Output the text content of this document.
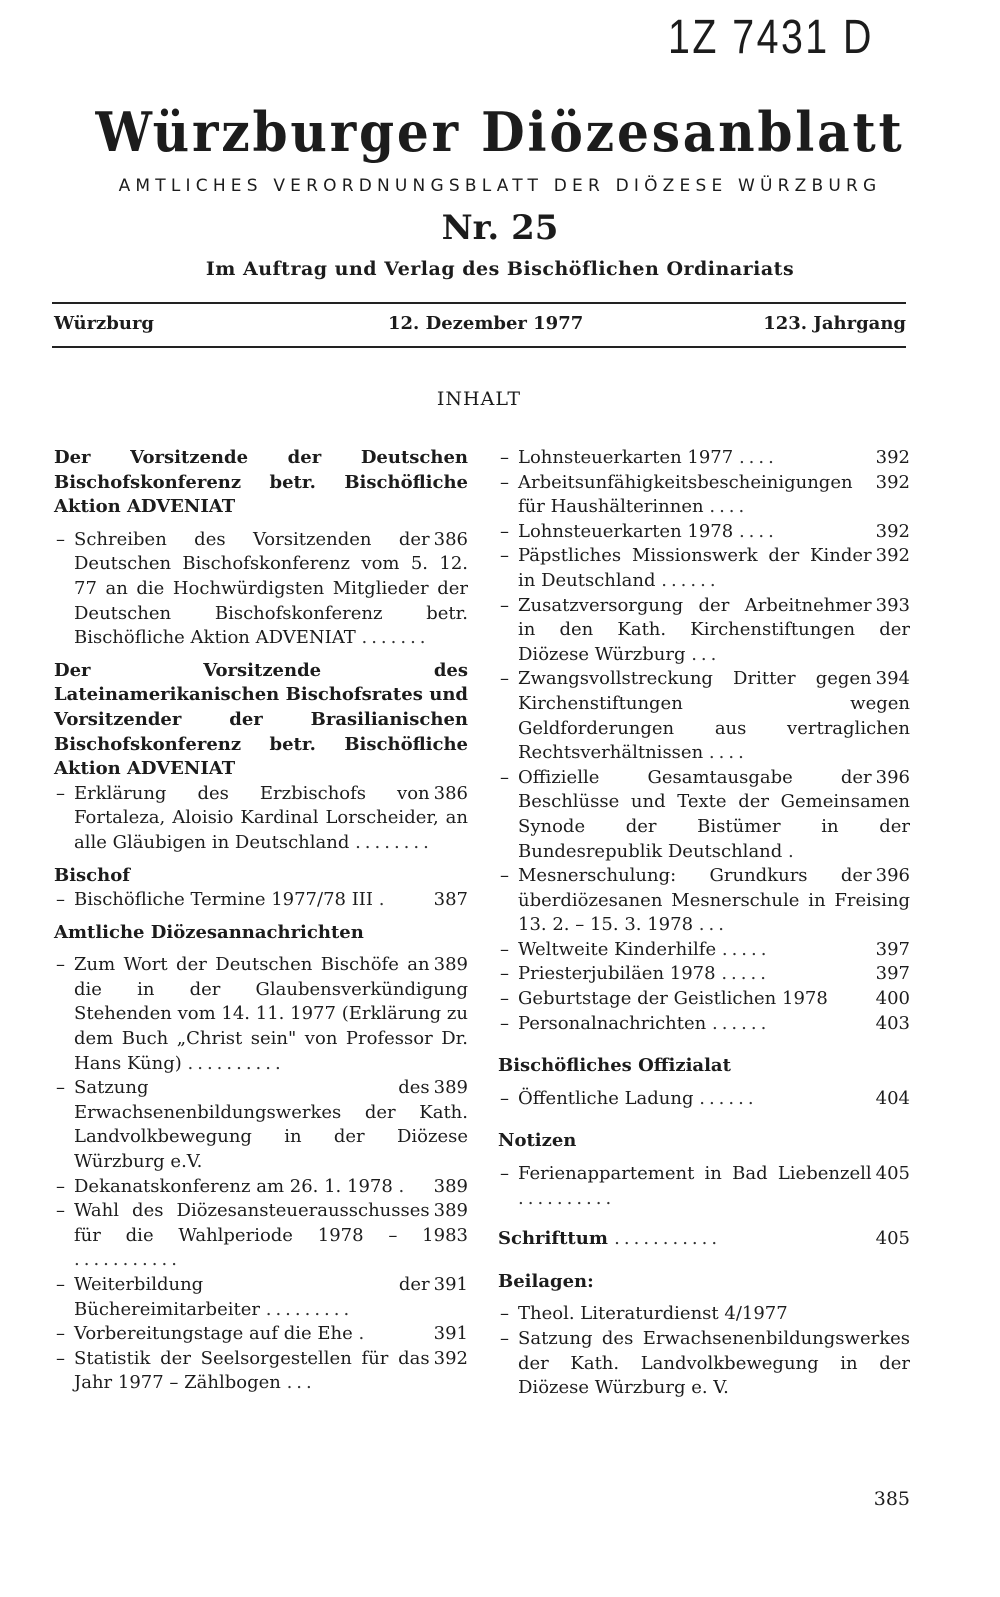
1Z 7431 D
Würzburger Diözesanblatt
AMTLICHES VERORDNUNGSBLATT DER DIÖZESE WÜRZBURG
Nr. 25
Im Auftrag und Verlag des Bischöflichen Ordinariats
Würzburg	12. Dezember 1977	123. Jahrgang
INHALT
Der Vorsitzende der Deutschen Bischofskonferenz betr. Bischöfliche Aktion ADVENIAT
– 386
Schreiben des Vorsitzenden der Deutschen Bischofskonferenz vom 5. 12. 77 an die Hochwürdigsten Mitglieder der Deutschen Bischofskonferenz betr. Bischöfliche Aktion ADVENIAT .......
Der Vorsitzende des Lateinamerikanischen Bischofsrates und Vorsitzender der Brasilianischen Bischofskonferenz betr. Bischöfliche Aktion ADVENIAT
– 386
Erklärung des Erzbischofs von Fortaleza, Aloisio Kardinal Lorscheider, an alle Gläubigen in Deutschland ........
Bischof
– 387
Bischöfliche Termine 1977/78 III .
Amtliche Diözesannachrichten
– 389
Zum Wort der Deutschen Bischöfe an die in der Glaubensverkündigung Stehenden vom 14. 11. 1977 (Erklärung zu dem Buch „Christ sein" von Professor Dr. Hans Küng) ..........
– 389
Satzung des Erwachsenenbildungswerkes der Kath. Landvolkbewegung in der Diözese Würzburg e.V.
– 389
Dekanatskonferenz am 26. 1. 1978 .
– 389
Wahl des Diözesansteuerausschusses für die Wahlperiode 1978 – 1983 ...........
– 391
Weiterbildung der Büchereimitarbeiter .........
– 391
Vorbereitungstage auf die Ehe .
– 392
Statistik der Seelsorgestellen für das Jahr 1977 – Zählbogen ...
– 392
Lohnsteuerkarten 1977 ....
– 392
Arbeitsunfähigkeitsbescheinigungen für Haushälterinnen ....
– 392
Lohnsteuerkarten 1978 ....
– 392
Päpstliches Missionswerk der Kinder in Deutschland ......
– 393
Zusatzversorgung der Arbeitnehmer in den Kath. Kirchenstiftungen der Diözese Würzburg ...
– 394
Zwangsvollstreckung Dritter gegen Kirchenstiftungen wegen Geldforderungen aus vertraglichen Rechtsverhältnissen ....
– 396
Offizielle Gesamtausgabe der Beschlüsse und Texte der Gemeinsamen Synode der Bistümer in der Bundesrepublik Deutschland .
– 396
Mesnerschulung: Grundkurs der überdiözesanen Mesnerschule in Freising 13. 2. – 15. 3. 1978 ...
– 397
Weltweite Kinderhilfe .....
– 397
Priesterjubiläen 1978 .....
– 400
Geburtstage der Geistlichen 1978
– 403
Personalnachrichten ......
Bischöfliches Offizialat
– 404
Öffentliche Ladung ......
Notizen
– 405
Ferienappartement in Bad Liebenzell ..........
405
Schrifttum ...........
Beilagen:
– Theol. Literaturdienst 4/1977
– Satzung des Erwachsenenbildungswerkes der Kath. Landvolkbewegung in der Diözese Würzburg e. V.
385
